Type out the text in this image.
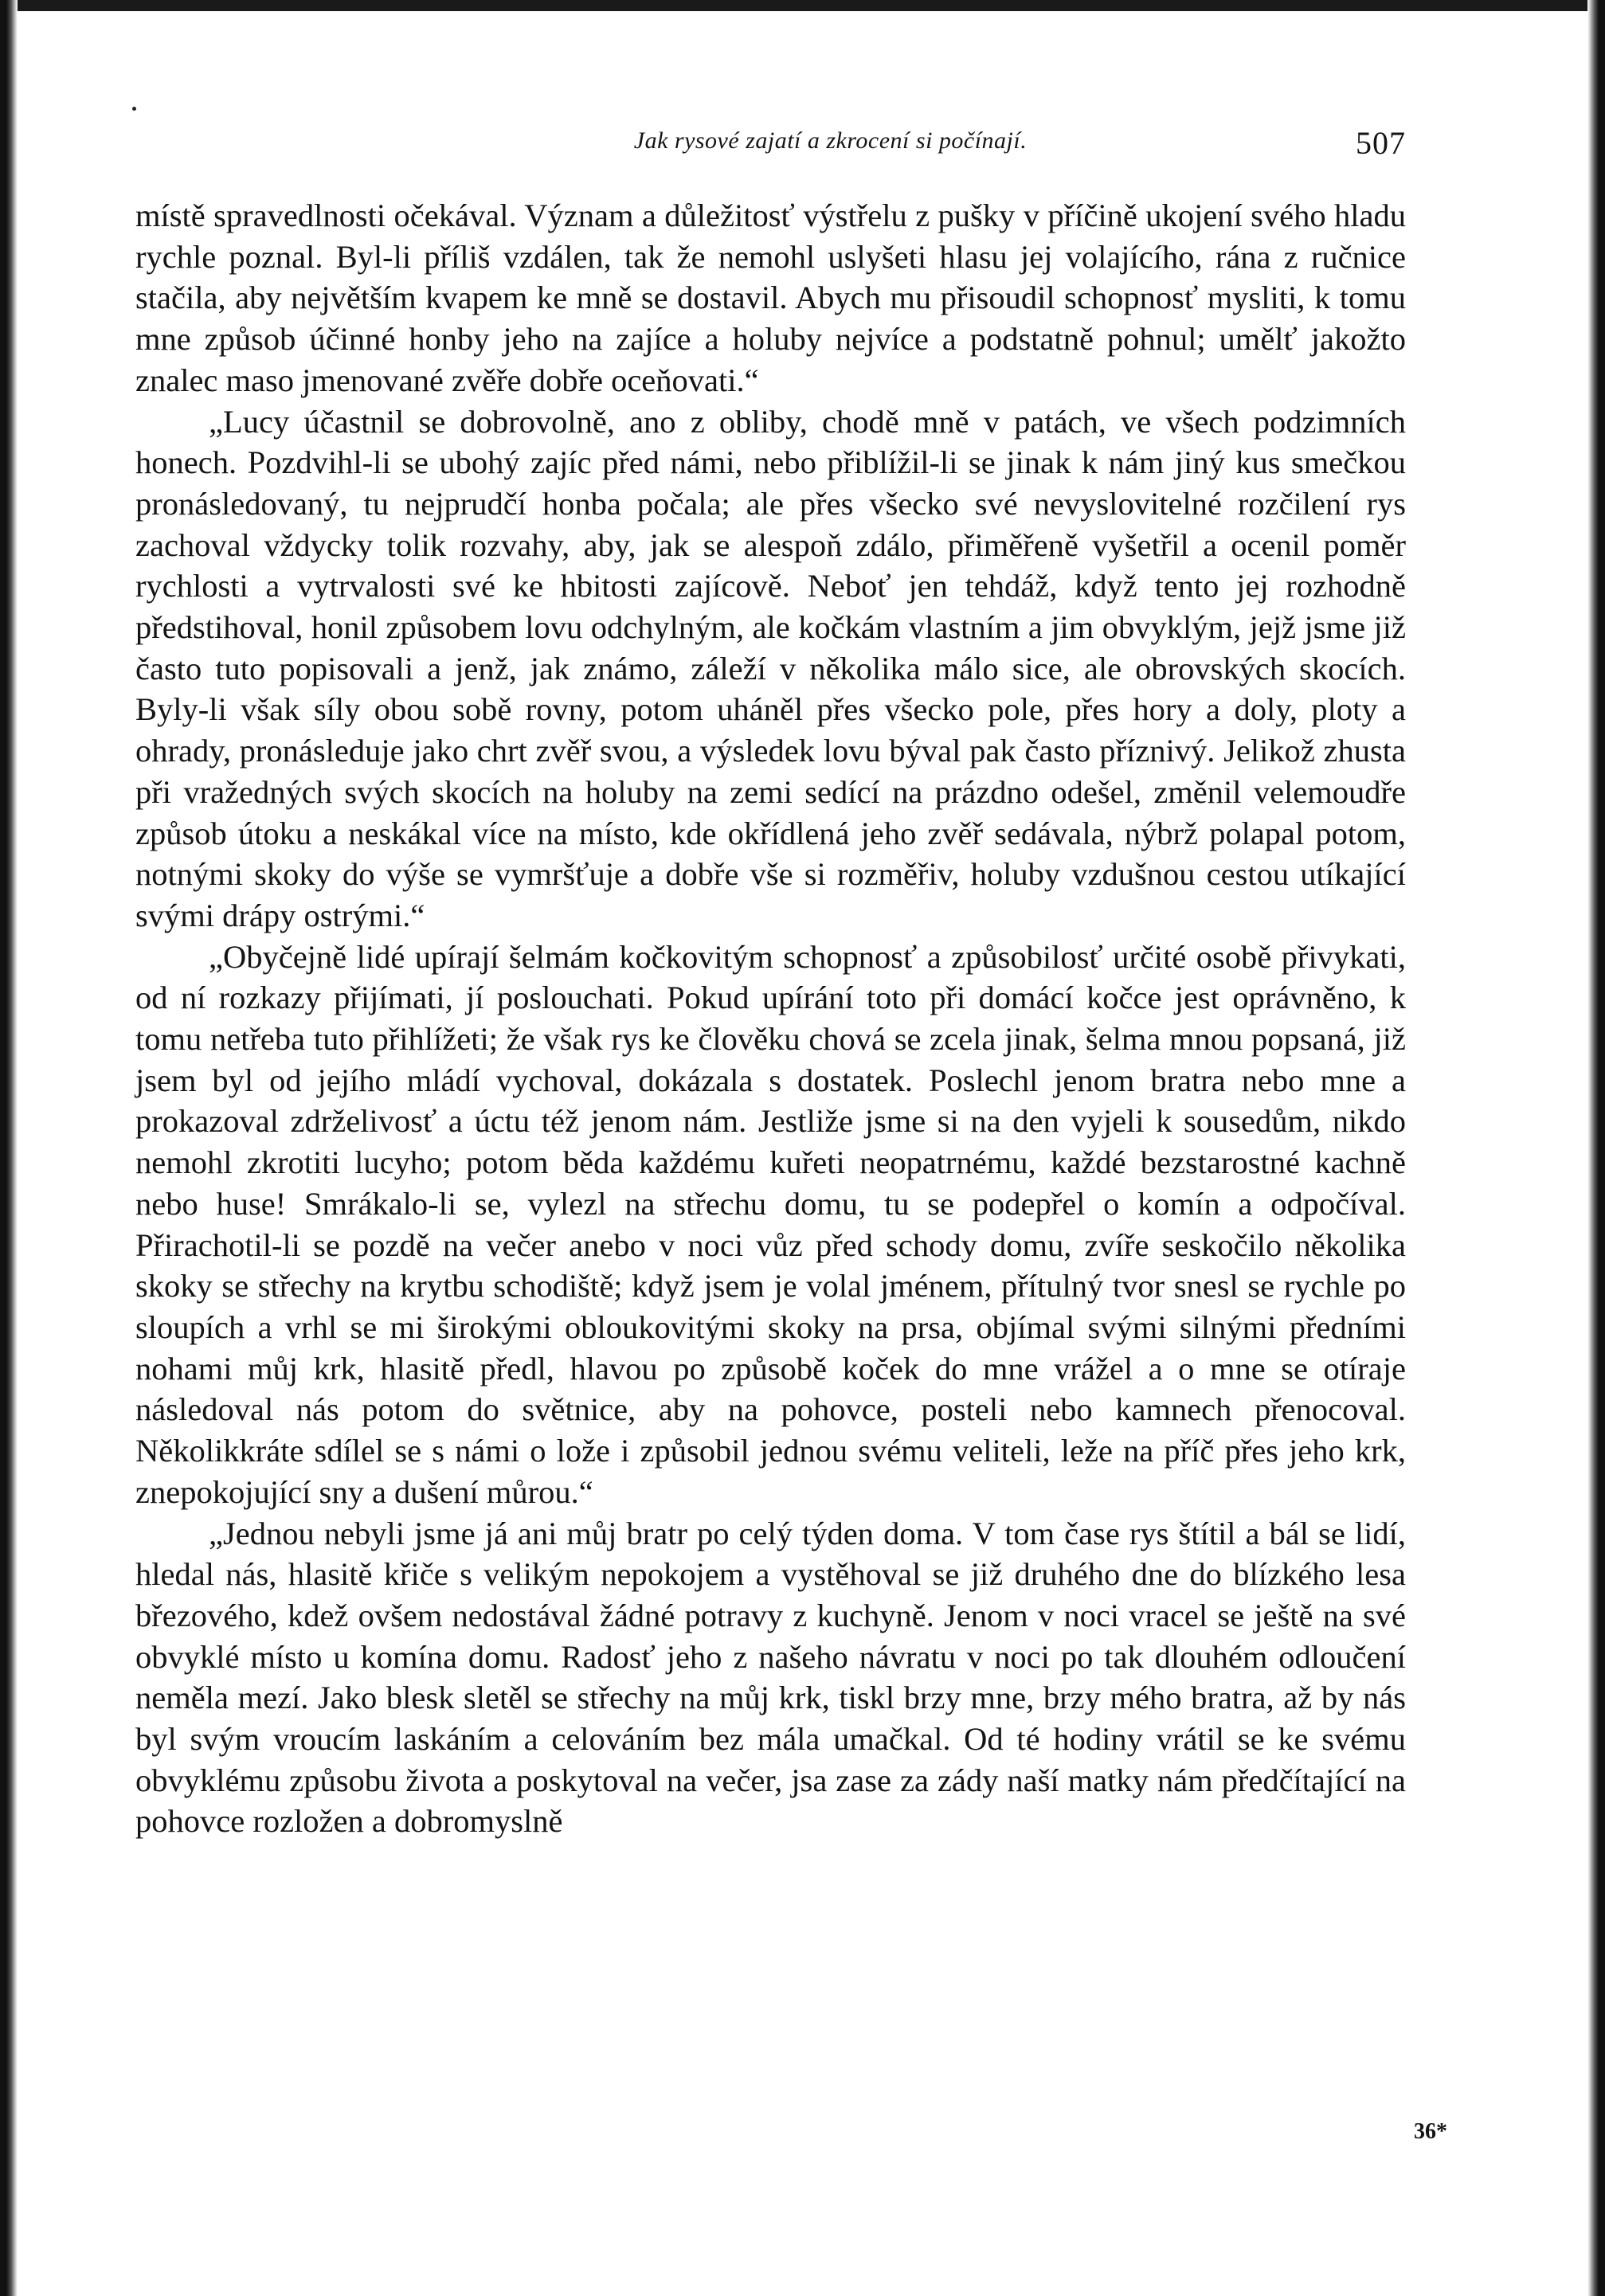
Jak rysové zajatí a zkrocení si počínají.	507

místě spravedlnosti očekával. Význam a důležitosť výstřelu z pušky v příčině ukojení svého hladu rychle poznal. Byl-li příliš vzdálen, tak že nemohl uslyšeti hlasu jej volajícího, rána z ručnice stačila, aby největším kvapem ke mně se dostavil. Abych mu přisoudil schopnosť mysliti, k tomu mne způsob účinné honby jeho na zajíce a holuby nejvíce a podstatně pohnul; umělť jakožto znalec maso jmenované zvěře dobře oceňovati.“

„Lucy účastnil se dobrovolně, ano z obliby, chodě mně v patách, ve všech podzimních honech. Pozdvihl-li se ubohý zajíc před námi, nebo přiblížil-li se jinak k nám jiný kus smečkou pronásledovaný, tu nejprudčí honba počala; ale přes všecko své nevyslovitelné rozčilení rys zachoval vždycky tolik rozvahy, aby, jak se alespoň zdálo, přiměřeně vyšetřil a ocenil poměr rychlosti a vytrvalosti své ke hbitosti zajícově. Neboť jen tehdáž, když tento jej rozhodně předstihoval, honil způsobem lovu odchylným, ale kočkám vlastním a jim obvyklým, jejž jsme již často tuto popisovali a jenž, jak známo, záleží v několika málo sice, ale obrovských skocích. Byly-li však síly obou sobě rovny, potom uháněl přes všecko pole, přes hory a doly, ploty a ohrady, pronásleduje jako chrt zvěř svou, a výsledek lovu býval pak často příznivý. Jelikož zhusta při vražedných svých skocích na holuby na zemi sedící na prázdno odešel, změnil velemoudře způsob útoku a neskákal více na místo, kde okřídlená jeho zvěř sedávala, nýbrž polapal potom, notnými skoky do výše se vymršťuje a dobře vše si rozměřiv, holuby vzdušnou cestou utíkající svými drápy ostrými.“

„Obyčejně lidé upírají šelmám kočkovitým schopnosť a způsobilosť určité osobě přivykati, od ní rozkazy přijímati, jí poslouchati. Pokud upírání toto při domácí kočce jest oprávněno, k tomu netřeba tuto přihlížeti; že však rys ke člověku chová se zcela jinak, šelma mnou popsaná, již jsem byl od jejího mládí vychoval, dokázala s dostatek. Poslechl jenom bratra nebo mne a prokazoval zdrželivosť a úctu též jenom nám. Jestliže jsme si na den vyjeli k sousedům, nikdo nemohl zkrotiti lucyho; potom běda každému kuřeti neopatrnému, každé bezstarostné kachně nebo huse! Smrákalo-li se, vylezl na střechu domu, tu se podepřel o komín a odpočíval. Přirachotil-li se pozdě na večer anebo v noci vůz před schody domu, zvíře seskočilo několika skoky se střechy na krytbu schodiště; když jsem je volal jménem, přítulný tvor snesl se rychle po sloupích a vrhl se mi širokými obloukovitými skoky na prsa, objímal svými silnými předními nohami můj krk, hlasitě předl, hlavou po způsobě koček do mne vrážel a o mne se otíraje následoval nás potom do světnice, aby na pohovce, posteli nebo kamnech přenocoval. Několikkráte sdílel se s námi o lože i způsobil jednou svému veliteli, leže na příč přes jeho krk, znepokojující sny a dušení můrou.“

„Jednou nebyli jsme já ani můj bratr po celý týden doma. V tom čase rys štítil a bál se lidí, hledal nás, hlasitě křiče s velikým nepokojem a vystěhoval se již druhého dne do blízkého lesa březového, kdež ovšem nedostával žádné potravy z kuchyně. Jenom v noci vracel se ještě na své obvyklé místo u komína domu. Radosť jeho z našeho návratu v noci po tak dlouhém odloučení neměla mezí. Jako blesk sletěl se střechy na můj krk, tiskl brzy mne, brzy mého bratra, až by nás byl svým vroucím laskáním a celováním bez mála umačkal. Od té hodiny vrátil se ke svému obvyklému způsobu života a poskytoval na večer, jsa zase za zády naší matky nám předčítající na pohovce rozložen a dobromyslně

36*
